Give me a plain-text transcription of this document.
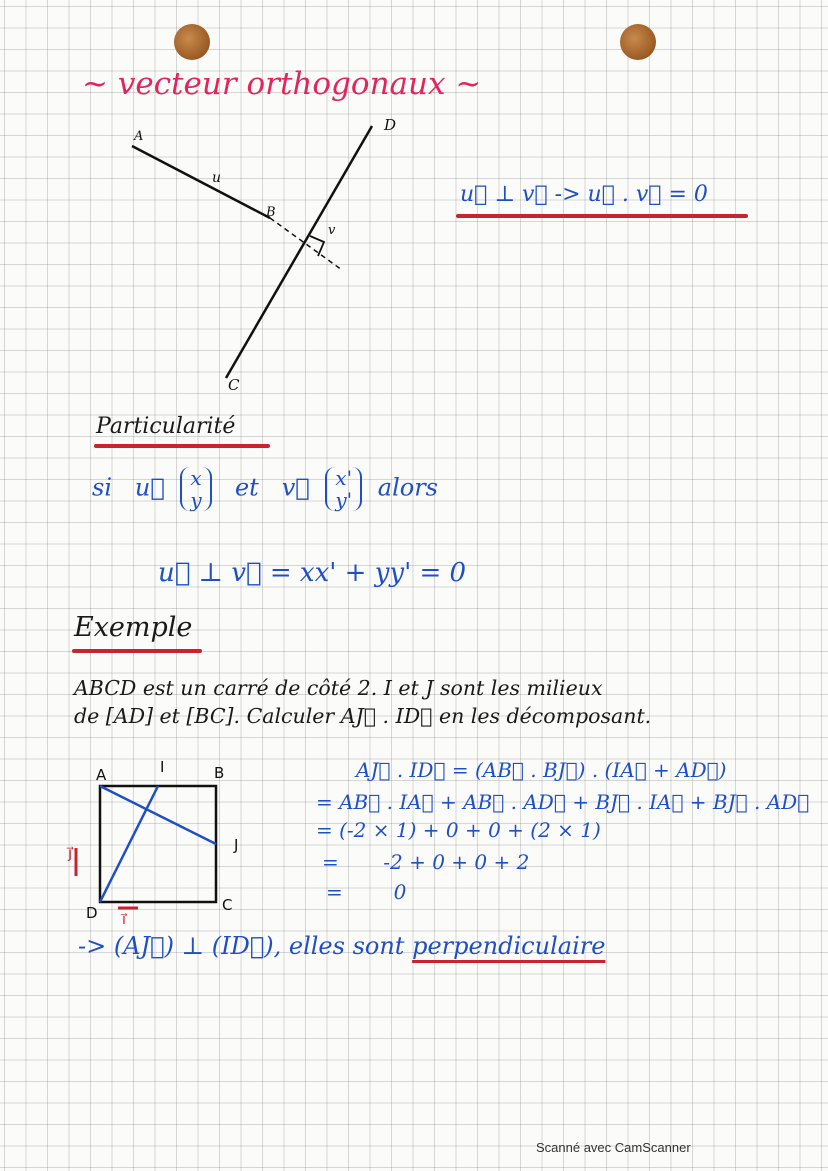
~ vecteur orthogonaux ~
A
u
B
v
D
C
u⃗ ⊥ v⃗ -> u⃗ . v⃗ = 0
Particularité
si u⃗ x
y et v⃗ x'
y' alors
u⃗ ⊥ v⃗ = xx' + yy' = 0
Exemple
ABCD est un carré de côté 2. I et J sont les milieux
de [AD] et [BC]. Calculer AJ⃗ . ID⃗ en les décomposant.
A	I	B
J
C
D
j⃗
i⃗
AJ⃗ . ID⃗ = (AB⃗ . BJ⃗) . (IA⃗ + AD⃗)
= AB⃗ . IA⃗ + AB⃗ . AD⃗ + BJ⃗ . IA⃗ + BJ⃗ . AD⃗
= (-2 × 1) + 0 + 0 + (2 × 1)
=       -2 + 0 + 0 + 2
=        0
-> (AJ⃗) ⊥ (ID⃗), elles sont perpendiculaire
Scanné avec CamScanner
